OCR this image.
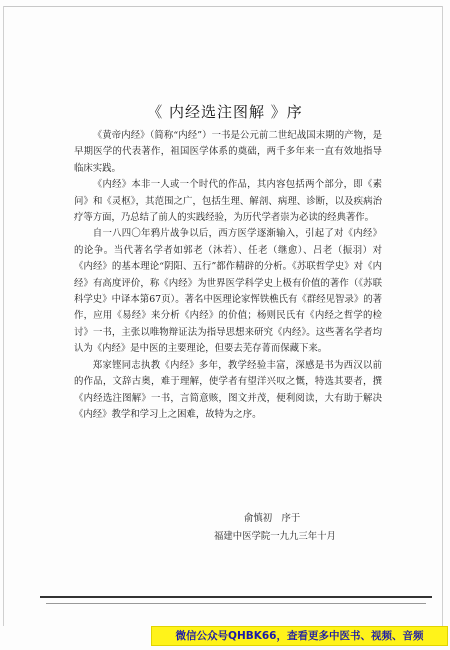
《 内经选注图解 》序

《黄帝内经》（简称“内经”）一书是公元前二世纪战国末期的产物，是早期医学的代表著作，祖国医学体系的奠础，两千多年来一直有效地指导临床实践。

《内经》本非一人或一个时代的作品，其内容包括两个部分，即《素问》和《灵枢》，其范围之广，包括生理、解剖、病理、诊断，以及疾病治疗等方面，乃总结了前人的实践经验，为历代学者崇为必读的经典著作。

自一八四〇年鸦片战争以后，西方医学逐渐输入，引起了对《内经》的论争。当代著名学者如郭老（沐若）、任老（继愈）、吕老（振羽）对《内经》的基本理论“阴阳、五行”都作精辟的分析。《苏联哲学史》对《内经》有高度评价，称《内经》为世界医学科学史上极有价值的著作（《苏联科学史》中译本第67页）。著名中医理论家恽铁樵氏有《群经见智录》的著作，应用《易经》来分析《内经》的价值；杨则民氏有《内经之哲学的检讨》一书，主张以唯物辩证法为指导思想来研究《内经》。这些著名学者均认为《内经》是中医的主要理论，但要去芜存菁而保藏下来。

郑家铿同志执教《内经》多年，教学经验丰富，深感是书为西汉以前的作品，文辞古奥，难于理解，使学者有望洋兴叹之慨，特选其要者，撰《内经选注图解》一书，言简意赅，图文并茂，便利阅读，大有助于解决《内经》教学和学习上之困难，故特为之序。

俞慎初　序于
福建中医学院一九九三年十月
微信公众号QHBK66，查看更多中医书、视频、音频
